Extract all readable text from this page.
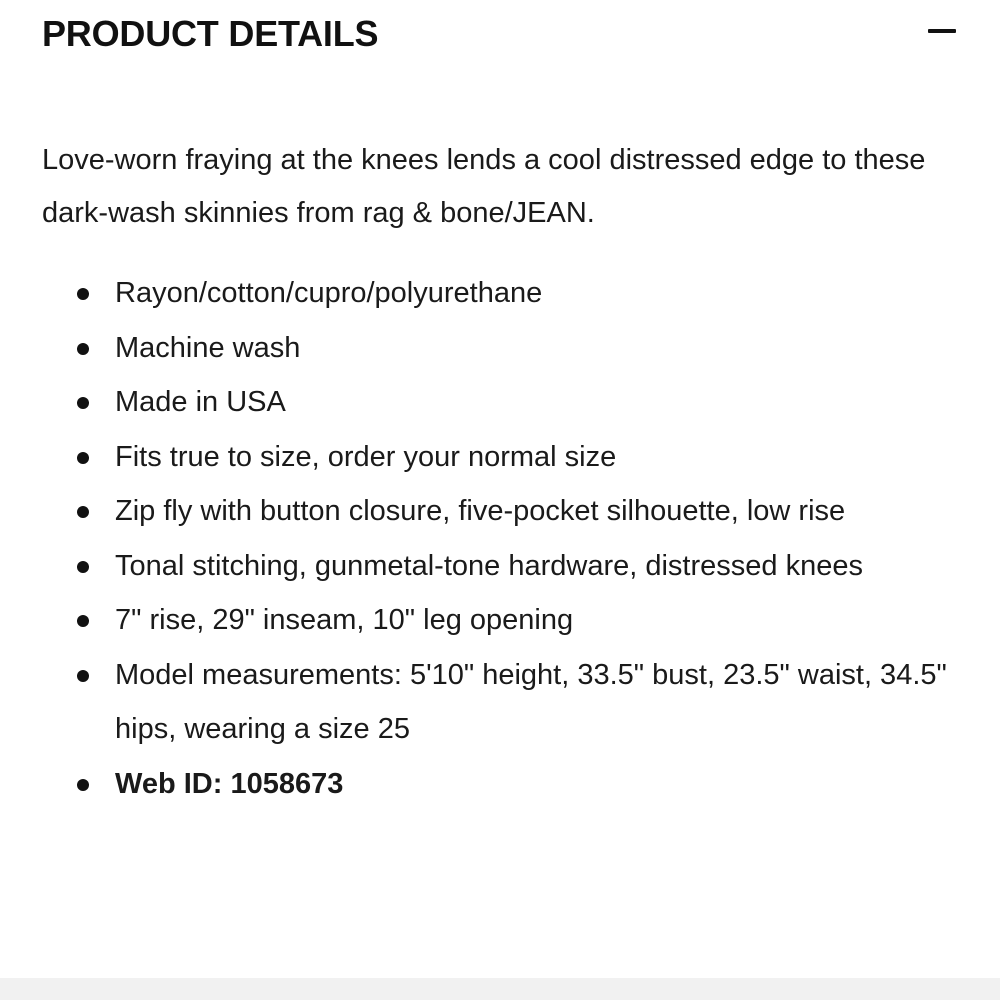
PRODUCT DETAILS

Love-worn fraying at the knees lends a cool distressed edge to these dark-wash skinnies from rag & bone/JEAN.

Rayon/cotton/cupro/polyurethane
Machine wash
Made in USA
Fits true to size, order your normal size
Zip fly with button closure, five-pocket silhouette, low rise
Tonal stitching, gunmetal-tone hardware, distressed knees
7" rise, 29" inseam, 10" leg opening
Model measurements: 5'10" height, 33.5" bust, 23.5" waist, 34.5" hips, wearing a size 25
Web ID: 1058673
